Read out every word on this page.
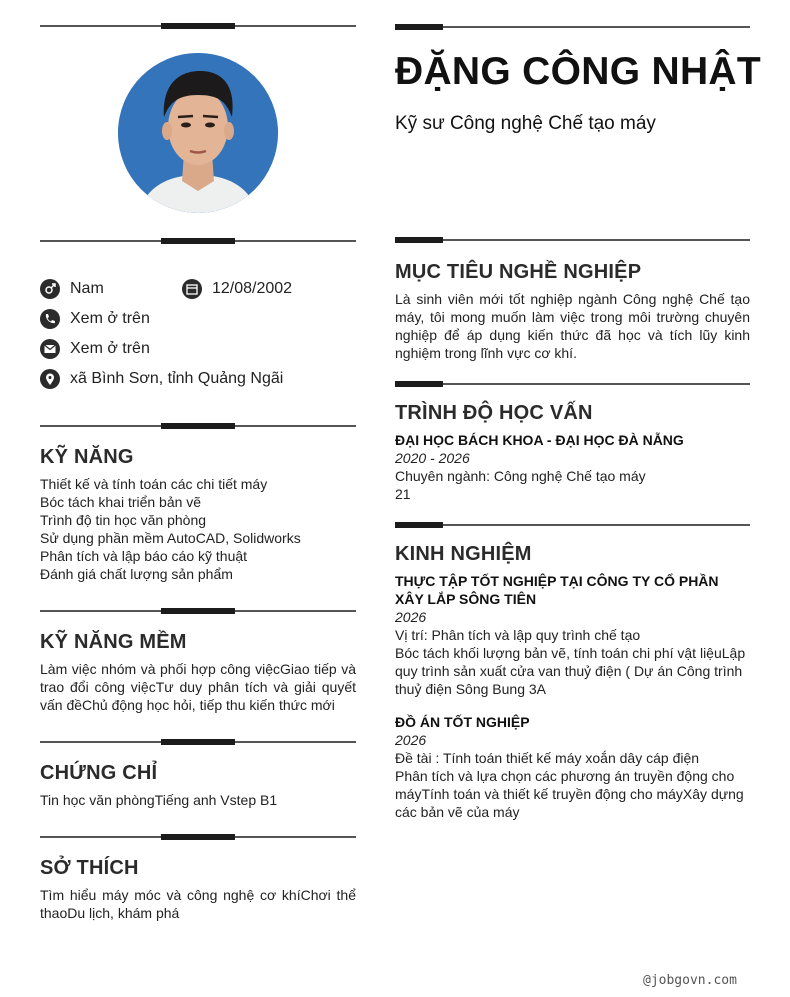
Nam	12/08/2002
Xem ở trên
Xem ở trên
xã Bình Sơn, tỉnh Quảng Ngãi
KỸ NĂNG
Thiết kế và tính toán các chi tiết máy
Bóc tách khai triển bản vẽ
Trình độ tin học văn phòng
Sử dụng phần mềm AutoCAD, Solidworks
Phân tích và lập báo cáo kỹ thuật
Đánh giá chất lượng sản phẩm
KỸ NĂNG MỀM
Làm việc nhóm và phối hợp công việcGiao tiếp và trao đổi công việcTư duy phân tích và giải quyết vấn đềChủ động học hỏi, tiếp thu kiến thức mới
CHỨNG CHỈ
Tin học văn phòngTiếng anh Vstep B1
SỞ THÍCH
Tìm hiểu máy móc và công nghệ cơ khíChơi thể thaoDu lịch, khám phá
ĐẶNG CÔNG NHẬT
Kỹ sư Công nghệ Chế tạo máy
MỤC TIÊU NGHỀ NGHIỆP
Là sinh viên mới tốt nghiệp ngành Công nghệ Chế tạo máy, tôi mong muốn làm việc trong môi trường chuyên nghiệp để áp dụng kiến thức đã học và tích lũy kinh nghiệm trong lĩnh vực cơ khí.
TRÌNH ĐỘ HỌC VẤN
ĐẠI HỌC BÁCH KHOA - ĐẠI HỌC ĐÀ NẴNG
2020 - 2026
Chuyên ngành: Công nghệ Chế tạo máy
21
KINH NGHIỆM
THỰC TẬP TỐT NGHIỆP TẠI CÔNG TY CỔ PHẦN XÂY LẮP SÔNG TIÊN
2026
Vị trí: Phân tích và lập quy trình chế tạo
Bóc tách khối lượng bản vẽ, tính toán chi phí vật liệuLập quy trình sản xuất cửa van thuỷ điện ( Dự án Công trình thuỷ điện Sông Bung 3A
ĐỒ ÁN TỐT NGHIỆP
2026
Đề tài : Tính toán thiết kế máy xoắn dây cáp điện
Phân tích và lựa chọn các phương án truyền động cho máyTính toán và thiết kế truyền động cho máyXây dựng các bản vẽ của máy
@jobgovn.com
